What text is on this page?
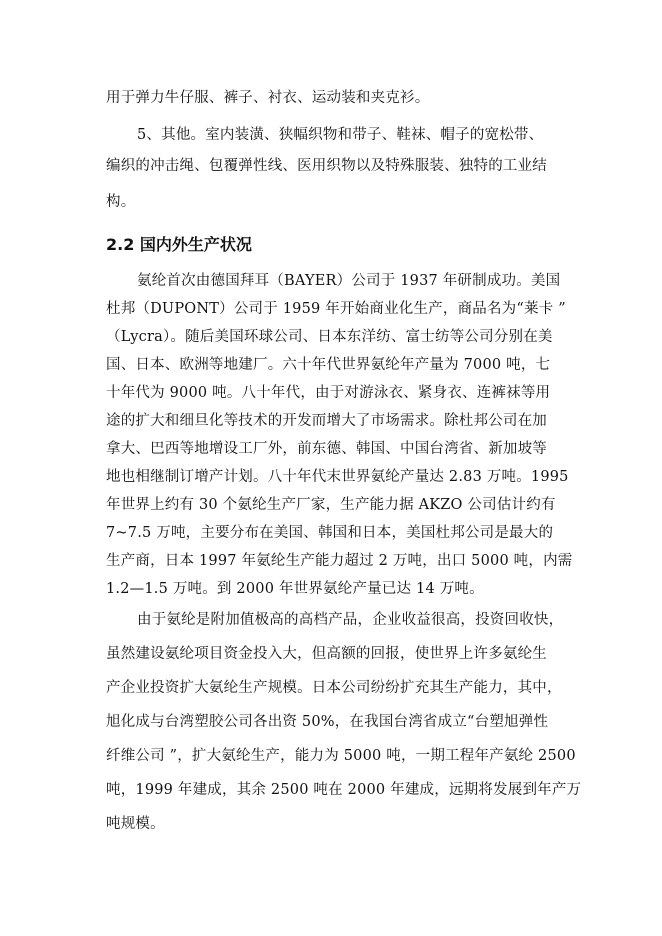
用于弹力牛仔服、裤子、衬衣、运动装和夹克衫。

5、其他。室内装潢、狭幅织物和带子、鞋袜、帽子的宽松带、

编织的冲击绳、包覆弹性线、医用织物以及特殊服装、独特的工业结

构。

2.2 国内外生产状况

氨纶首次由德国拜耳（BAYER）公司于 1937 年研制成功。美国

杜邦（DUPONT）公司于 1959 年开始商业化生产，商品名为“莱卡 ”

（Lycra）。随后美国环球公司、日本东洋纺、富士纺等公司分别在美

国、日本、欧洲等地建厂。六十年代世界氨纶年产量为 7000 吨，七

十年代为 9000 吨。八十年代，由于对游泳衣、紧身衣、连裤袜等用

途的扩大和细旦化等技术的开发而增大了市场需求。除杜邦公司在加

拿大、巴西等地增设工厂外，前东德、韩国、中国台湾省、新加坡等

地也相继制订增产计划。八十年代末世界氨纶产量达 2.83 万吨。1995

年世界上约有 30 个氨纶生产厂家，生产能力据 AKZO 公司估计约有

7~7.5 万吨，主要分布在美国、韩国和日本，美国杜邦公司是最大的

生产商，日本 1997 年氨纶生产能力超过 2 万吨，出口 5000 吨，内需

1.2—1.5 万吨。到 2000 年世界氨纶产量已达 14 万吨。

由于氨纶是附加值极高的高档产品，企业收益很高，投资回收快，

虽然建设氨纶项目资金投入大，但高额的回报，使世界上许多氨纶生

产企业投资扩大氨纶生产规模。日本公司纷纷扩充其生产能力，其中，

旭化成与台湾塑胶公司各出资 50%，在我国台湾省成立“台塑旭弹性

纤维公司 ”，扩大氨纶生产，能力为 5000 吨，一期工程年产氨纶 2500

吨，1999 年建成，其余 2500 吨在 2000 年建成，远期将发展到年产万

吨规模。
